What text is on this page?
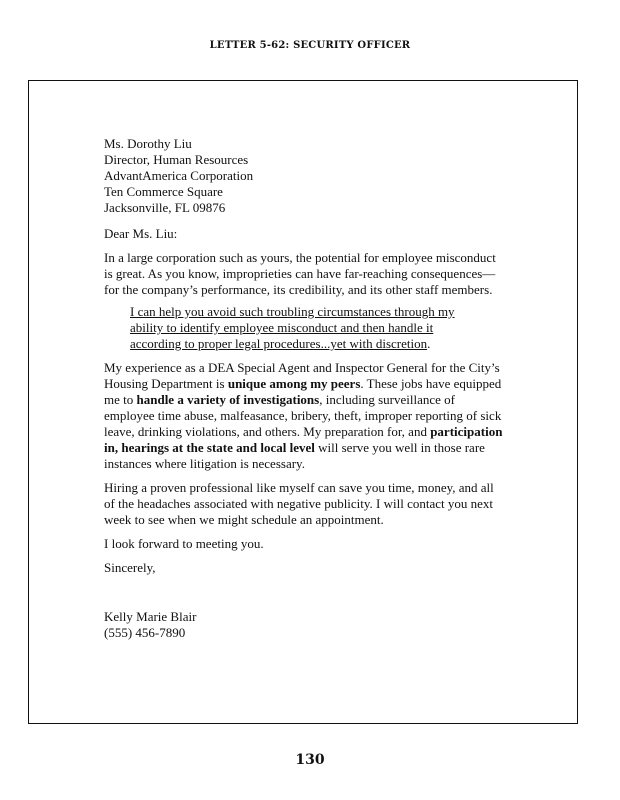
LETTER 5-62: SECURITY OFFICER
Ms. Dorothy Liu
Director, Human Resources
AdvantAmerica Corporation
Ten Commerce Square
Jacksonville, FL 09876
Dear Ms. Liu:
In a large corporation such as yours, the potential for employee misconduct is great. As you know, improprieties can have far-reaching consequences—for the company’s performance, its credibility, and its other staff members.
I can help you avoid such troubling circumstances through my ability to identify employee misconduct and then handle it according to proper legal procedures...yet with discretion.
My experience as a DEA Special Agent and Inspector General for the City’s Housing Department is unique among my peers. These jobs have equipped me to handle a variety of investigations, including surveillance of employee time abuse, malfeasance, bribery, theft, improper reporting of sick leave, drinking violations, and others. My preparation for, and participation in, hearings at the state and local level will serve you well in those rare instances where litigation is necessary.
Hiring a proven professional like myself can save you time, money, and all of the headaches associated with negative publicity. I will contact you next week to see when we might schedule an appointment.
I look forward to meeting you.
Sincerely,
Kelly Marie Blair
(555) 456-7890
130
